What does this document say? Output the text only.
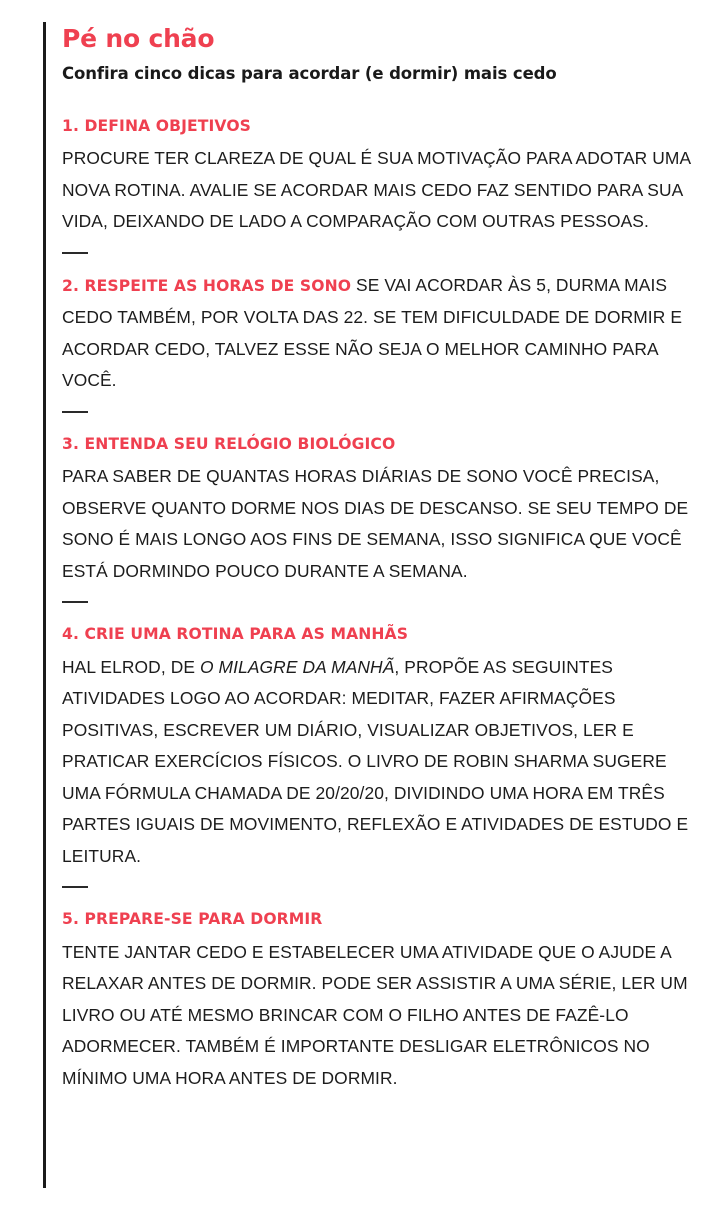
Pé no chão
Confira cinco dicas para acordar (e dormir) mais cedo

1. DEFINA OBJETIVOS
PROCURE TER CLAREZA DE QUAL É SUA MOTIVAÇÃO PARA ADOTAR UMA NOVA ROTINA. AVALIE SE ACORDAR MAIS CEDO FAZ SENTIDO PARA SUA VIDA, DEIXANDO DE LADO A COMPARAÇÃO COM OUTRAS PESSOAS.

2. RESPEITE AS HORAS DE SONO SE VAI ACORDAR ÀS 5, DURMA MAIS CEDO TAMBÉM, POR VOLTA DAS 22. SE TEM DIFICULDADE DE DORMIR E ACORDAR CEDO, TALVEZ ESSE NÃO SEJA O MELHOR CAMINHO PARA VOCÊ.

3. ENTENDA SEU RELÓGIO BIOLÓGICO
PARA SABER DE QUANTAS HORAS DIÁRIAS DE SONO VOCÊ PRECISA, OBSERVE QUANTO DORME NOS DIAS DE DESCANSO. SE SEU TEMPO DE SONO É MAIS LONGO AOS FINS DE SEMANA, ISSO SIGNIFICA QUE VOCÊ ESTÁ DORMINDO POUCO DURANTE A SEMANA.

4. CRIE UMA ROTINA PARA AS MANHÃS
HAL ELROD, DE O MILAGRE DA MANHÃ, PROPÕE AS SEGUINTES ATIVIDADES LOGO AO ACORDAR: MEDITAR, FAZER AFIRMAÇÕES POSITIVAS, ESCREVER UM DIÁRIO, VISUALIZAR OBJETIVOS, LER E PRATICAR EXERCÍCIOS FÍSICOS. O LIVRO DE ROBIN SHARMA SUGERE UMA FÓRMULA CHAMADA DE 20/20/20, DIVIDINDO UMA HORA EM TRÊS PARTES IGUAIS DE MOVIMENTO, REFLEXÃO E ATIVIDADES DE ESTUDO E LEITURA.

5. PREPARE-SE PARA DORMIR
TENTE JANTAR CEDO E ESTABELECER UMA ATIVIDADE QUE O AJUDE A RELAXAR ANTES DE DORMIR. PODE SER ASSISTIR A UMA SÉRIE, LER UM LIVRO OU ATÉ MESMO BRINCAR COM O FILHO ANTES DE FAZÊ-LO ADORMECER. TAMBÉM É IMPORTANTE DESLIGAR ELETRÔNICOS NO MÍNIMO UMA HORA ANTES DE DORMIR.
